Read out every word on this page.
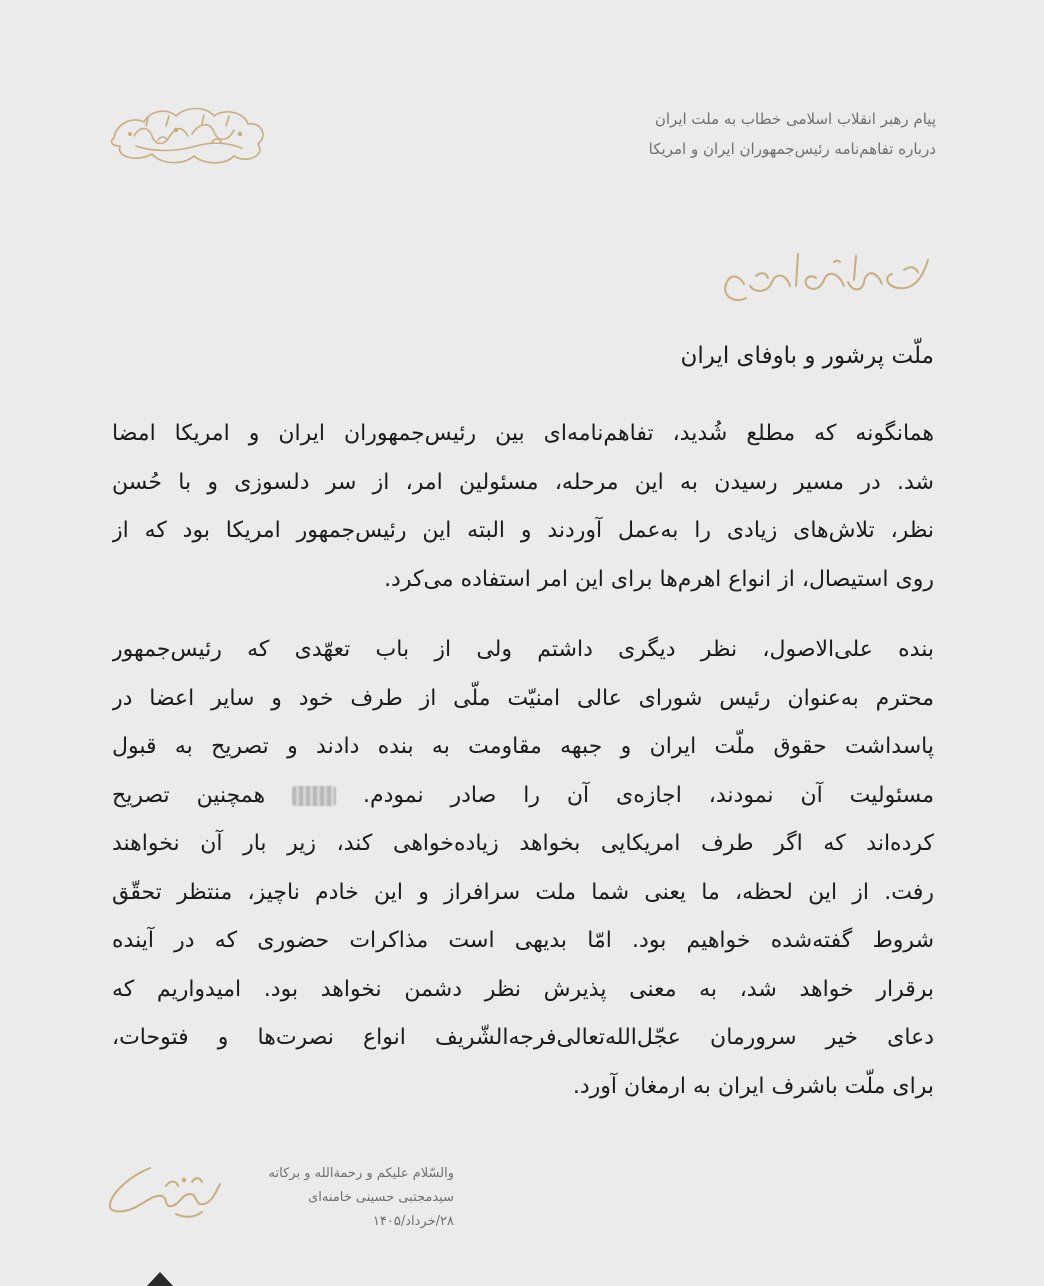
پیام رهبر انقلاب اسلامی خطاب به ملت ایران
درباره تفاهم‌نامه رئیس‌جمهوران ایران و امریکا
ملّت پرشور و باوفای ایران
همانگونه که مطلع شُدید، تفاهم‌نامه‌ای بین رئیس‌جمهوران ایران و امریکا امضا
شد. در مسیر رسیدن به این مرحله، مسئولین امر، از سر دلسوزی و با حُسن
نظر، تلاش‌های زیادی را به‌عمل آوردند و البته این رئیس‌جمهور امریکا بود که از
روی استیصال، از انواع اهرم‌ها برای این امر استفاده می‌کرد.
بنده علی‌الاصول، نظر دیگری داشتم ولی از باب تعهّدی که رئیس‌جمهور
محترم به‌عنوان رئیس شورای عالی امنیّت ملّی از طرف خود و سایر اعضا در
پاسداشت حقوق ملّت ایران و جبهه مقاومت به بنده دادند و تصریح به قبول
مسئولیت آن نمودند، اجازه‌ی آن را صادر نمودم.  همچنین تصریح
کرده‌اند که اگر طرف امریکایی بخواهد زیاده‌خواهی کند، زیر بار آن نخواهند
رفت. از این لحظه، ما یعنی شما ملت سرافراز و این خادم ناچیز، منتظر تحقّق
شروط گفته‌شده خواهیم بود. امّا بدیهی است مذاکرات حضوری که در آینده
برقرار خواهد شد، به معنی پذیرش نظر دشمن نخواهد بود. امیدواریم که
دعای خیر سرورمان عجّل‌الله‌تعالی‌فرجه‌الشّریف انواع نصرت‌ها و فتوحات،
برای ملّت باشرف ایران به ارمغان آورد.
والسّلام علیکم و رحمة‌الله و برکاته
سیدمجتبی حسینی خامنه‌ای
۲۸/خرداد/۱۴۰۵
